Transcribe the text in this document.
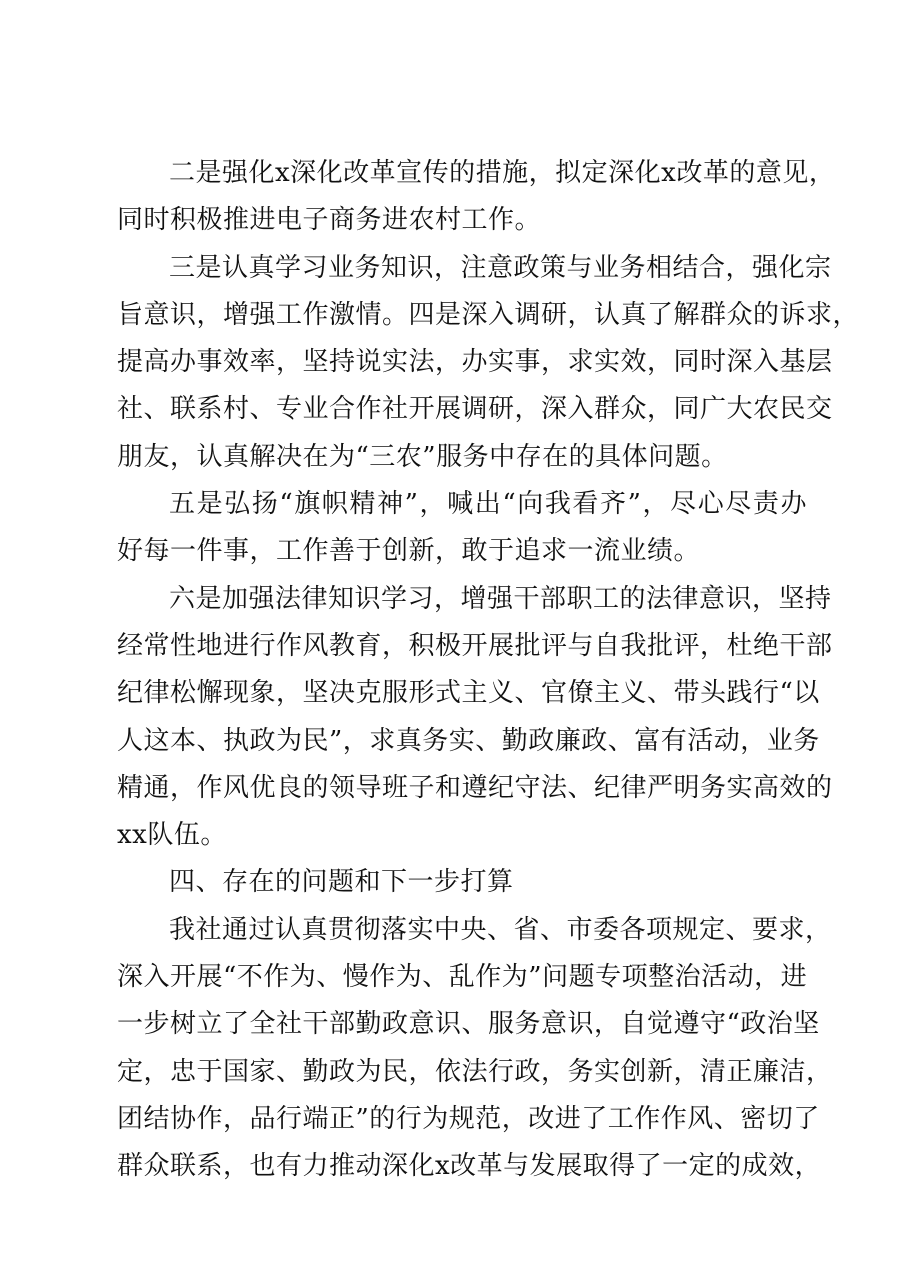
二是强化x深化改革宣传的措施，拟定深化x改革的意见，
同时积极推进电子商务进农村工作。
三是认真学习业务知识，注意政策与业务相结合，强化宗
旨意识，增强工作激情。四是深入调研，认真了解群众的诉求，
提高办事效率，坚持说实法，办实事，求实效，同时深入基层
社、联系村、专业合作社开展调研，深入群众，同广大农民交
朋友，认真解决在为“三农”服务中存在的具体问题。
五是弘扬“旗帜精神”，喊出“向我看齐”，尽心尽责办
好每一件事，工作善于创新，敢于追求一流业绩。
六是加强法律知识学习，增强干部职工的法律意识，坚持
经常性地进行作风教育，积极开展批评与自我批评，杜绝干部
纪律松懈现象，坚决克服形式主义、官僚主义、带头践行“以
人这本、执政为民”，求真务实、勤政廉政、富有活动，业务
精通，作风优良的领导班子和遵纪守法、纪律严明务实高效的
xx队伍。
四、存在的问题和下一步打算
我社通过认真贯彻落实中央、省、市委各项规定、要求，
深入开展“不作为、慢作为、乱作为”问题专项整治活动，进
一步树立了全社干部勤政意识、服务意识，自觉遵守“政治坚
定，忠于国家、勤政为民，依法行政，务实创新，清正廉洁，
团结协作，品行端正”的行为规范，改进了工作作风、密切了
群众联系，也有力推动深化x改革与发展取得了一定的成效，
